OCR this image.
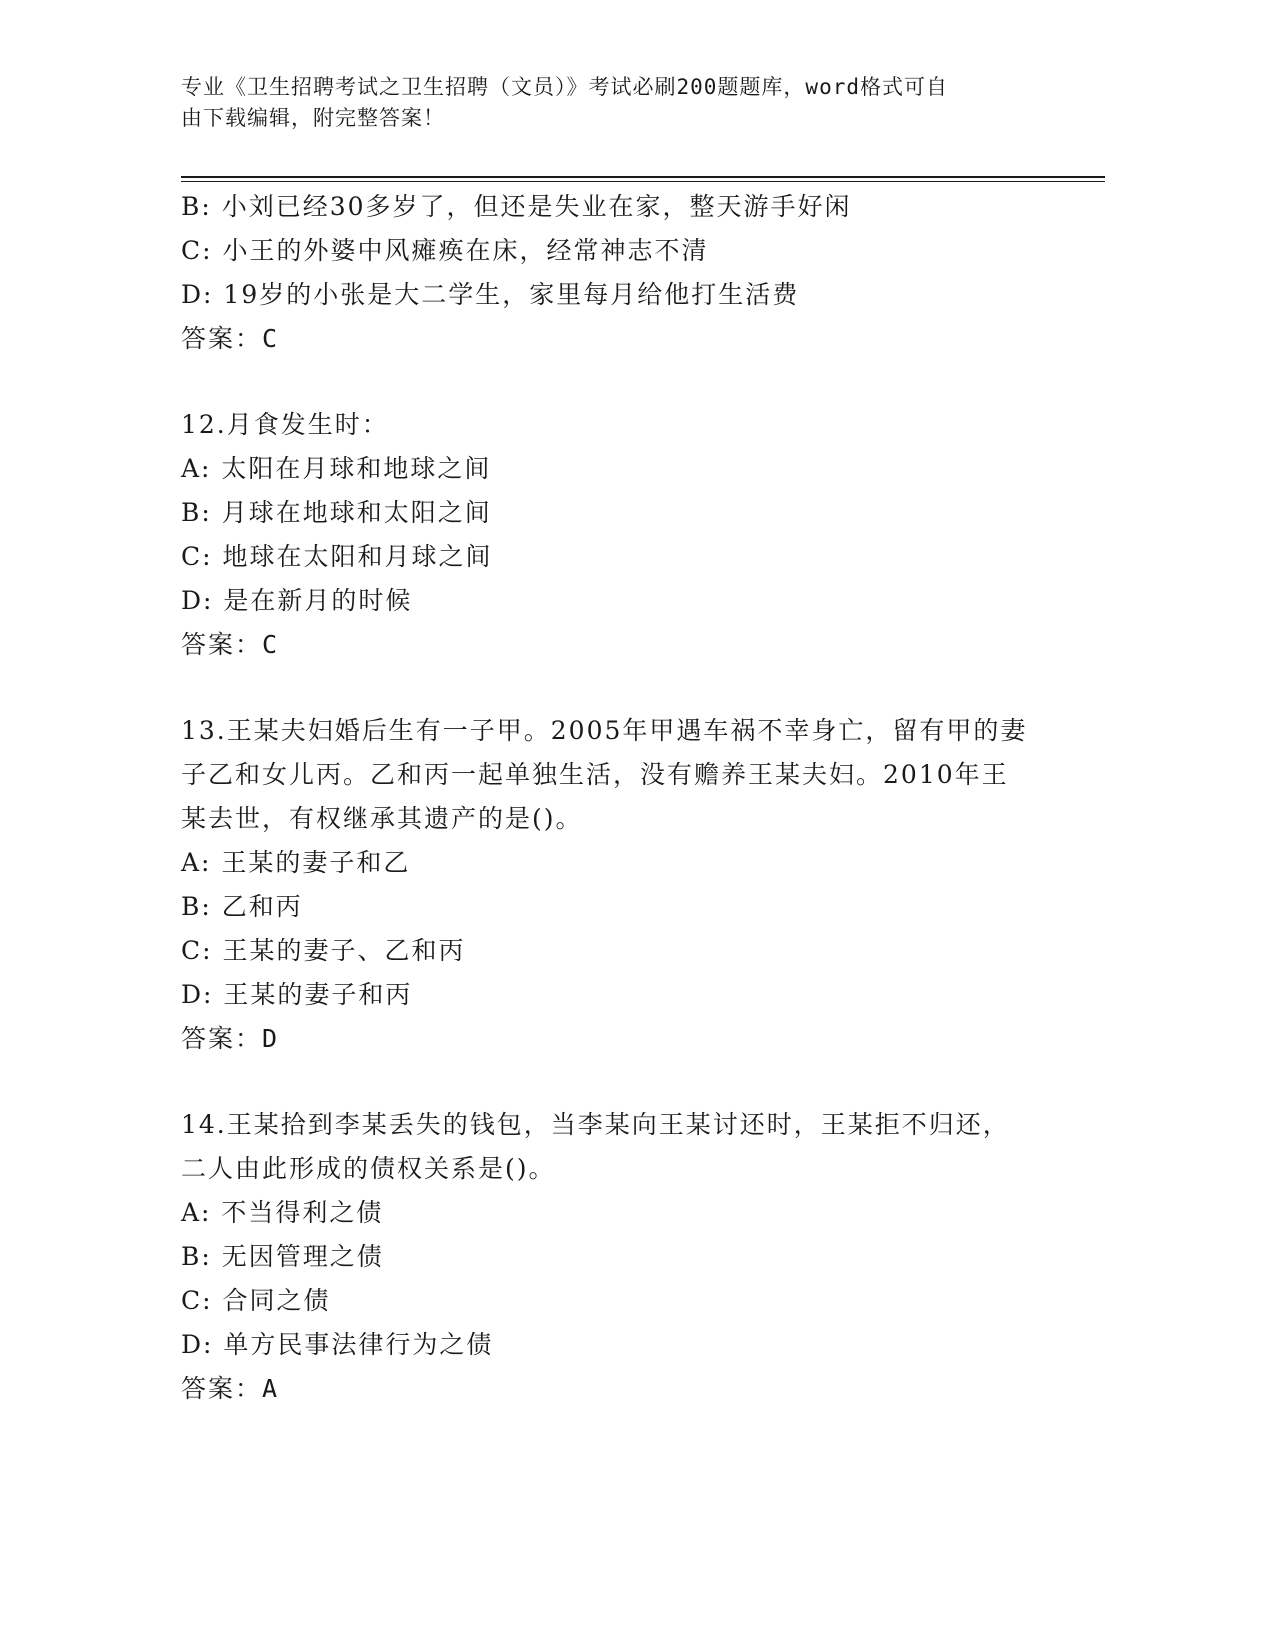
专业《卫生招聘考试之卫生招聘（文员）》考试必刷200题题库，word格式可自
由下载编辑，附完整答案！
B: 小刘已经30多岁了，但还是失业在家，整天游手好闲
C: 小王的外婆中风瘫痪在床，经常神志不清
D: 19岁的小张是大二学生，家里每月给他打生活费
答案：C
12.月食发生时：
A: 太阳在月球和地球之间
B: 月球在地球和太阳之间
C: 地球在太阳和月球之间
D: 是在新月的时候
答案：C
13.王某夫妇婚后生有一子甲。2005年甲遇车祸不幸身亡，留有甲的妻
子乙和女儿丙。乙和丙一起单独生活，没有赡养王某夫妇。2010年王
某去世，有权继承其遗产的是()。
A: 王某的妻子和乙
B: 乙和丙
C: 王某的妻子、乙和丙
D: 王某的妻子和丙
答案：D
14.王某拾到李某丢失的钱包，当李某向王某讨还时，王某拒不归还，
二人由此形成的债权关系是()。
A: 不当得利之债
B: 无因管理之债
C: 合同之债
D: 单方民事法律行为之债
答案：A
